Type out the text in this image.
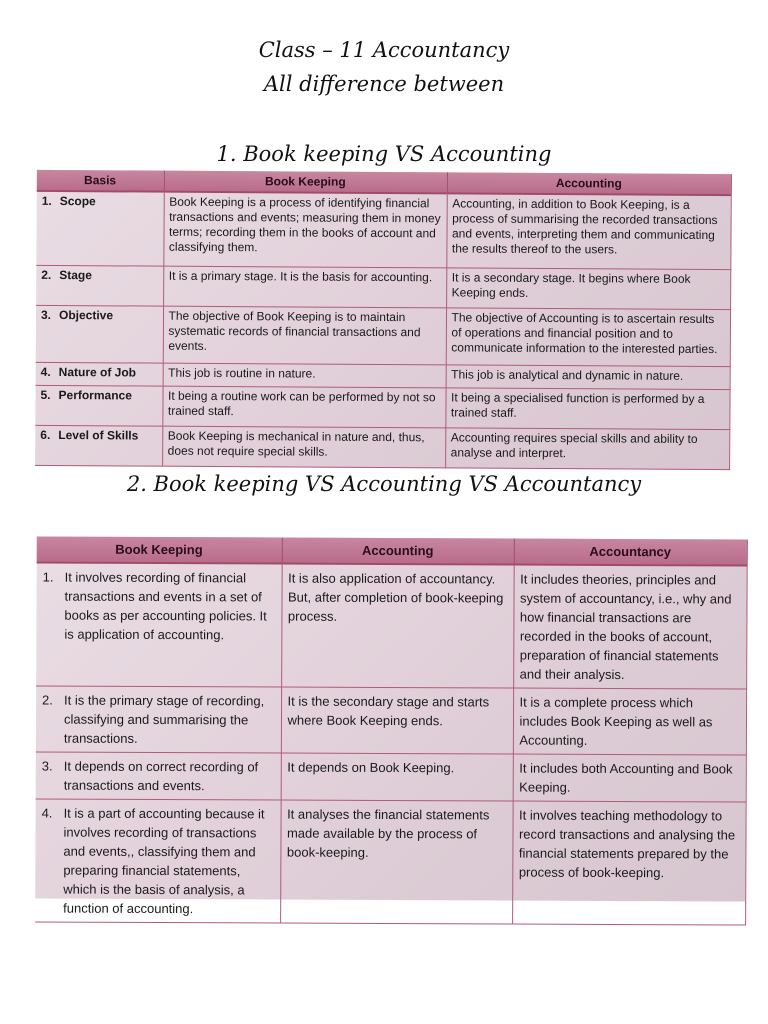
Class – 11 Accountancy
All difference between
1. Book keeping VS Accounting
Basis	Book Keeping	Accounting
1. Scope	Book Keeping is a process of identifying financial transactions and events; measuring them in money terms; recording them in the books of account and classifying them.	Accounting, in addition to Book Keeping, is a process of summarising the recorded transactions and events, interpreting them and communicating the results thereof to the users.
2. Stage	It is a primary stage. It is the basis for accounting.	It is a secondary stage. It begins where Book Keeping ends.
3. Objective	The objective of Book Keeping is to maintain systematic records of financial transactions and events.	The objective of Accounting is to ascertain results of operations and financial position and to communicate information to the interested parties.
4. Nature of Job	This job is routine in nature.	This job is analytical and dynamic in nature.
5. Performance	It being a routine work can be performed by not so trained staff.	It being a specialised function is performed by a trained staff.
6. Level of Skills	Book Keeping is mechanical in nature and, thus, does not require special skills.	Accounting requires special skills and ability to analyse and interpret.
2. Book keeping VS Accounting VS Accountancy
Book Keeping	Accounting	Accountancy

1. It involves recording of financial transactions and events in a set of books as per accounting policies. It is application of accounting.	It is also application of accountancy. But, after completion of book-keeping process.	It includes theories, principles and system of accountancy, i.e., why and how financial transactions are recorded in the books of account, preparation of financial statements and their analysis.

2. It is the primary stage of recording, classifying and summarising the transactions.	It is the secondary stage and starts where Book Keeping ends.	It is a complete process which includes Book Keeping as well as Accounting.

3. It depends on correct recording of transactions and events.	It depends on Book Keeping.	It includes both Accounting and Book Keeping.

4. It is a part of accounting because it involves recording of transactions and events,, classifying them and preparing financial statements, which is the basis of analysis, a function of accounting.	It analyses the financial statements made available by the process of book-keeping.	It involves teaching methodology to record transactions and analysing the financial statements prepared by the process of book-keeping.
